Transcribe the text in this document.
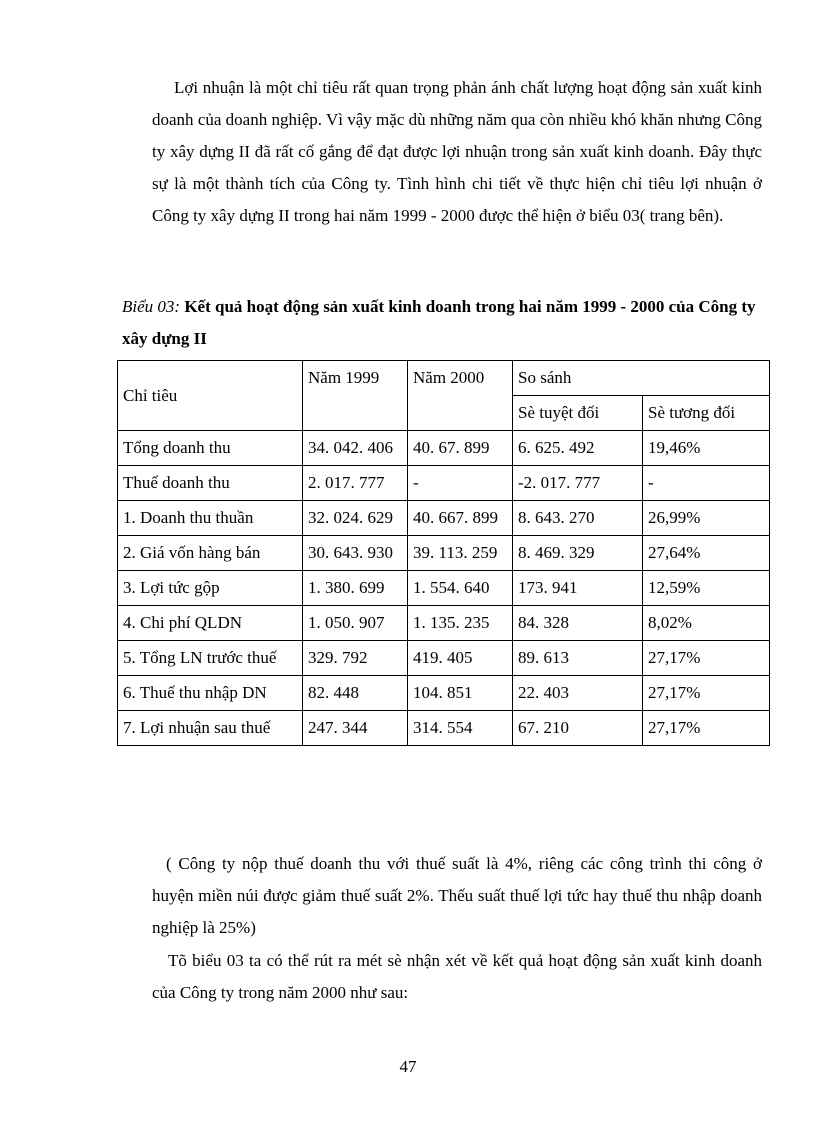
Lợi nhuận là một chỉ tiêu rất quan trọng phản ánh chất lượng hoạt động sản xuất kinh doanh của doanh nghiệp. Vì vậy mặc dù những năm qua còn nhiều khó khăn nhưng Công ty xây dựng II đã rất cố gắng để đạt được lợi nhuận trong sản xuất kinh doanh. Đây thực sự là một thành tích của Công ty. Tình hình chi tiết về thực hiện chỉ tiêu lợi nhuận ở Công ty xây dựng II trong hai năm 1999 - 2000 được thể hiện ở biểu 03( trang bên).

Biểu 03: Kết quả hoạt động sản xuất kinh doanh trong hai năm 1999 - 2000 của Công ty xây dựng II

Chỉ tiêu	Năm 1999	Năm 2000	So sánh	
			Sè tuyệt đối	Sè tương đối
Tổng doanh thu	34. 042. 406	40. 67. 899	6. 625. 492	19,46%
Thuế doanh thu	2. 017. 777	-	-2. 017. 777	-
1. Doanh thu thuần	32. 024. 629	40. 667. 899	8. 643. 270	26,99%
2. Giá vốn hàng bán	30. 643. 930	39. 113. 259	8. 469. 329	27,64%
3. Lợi tức gộp	1. 380. 699	1. 554. 640	173. 941	12,59%
4. Chi phí QLDN	1. 050. 907	1. 135. 235	84. 328	8,02%
5. Tổng LN trước thuế	329. 792	419. 405	89. 613	27,17%
6. Thuế thu nhập DN	82. 448	104. 851	22. 403	27,17%
7. Lợi nhuận sau thuế	247. 344	314. 554	67. 210	27,17%

( Công ty nộp thuế doanh thu với thuế suất là 4%, riêng các công trình thi công ở huyện miền núi được giảm thuế suất 2%. Thếu suất thuế lợi tức hay thuế thu nhập doanh nghiệp là 25%)

Tõ biểu 03 ta có thể rút ra mét sè nhận xét về kết quả hoạt động sản xuất kinh doanh của Công ty trong năm 2000 như sau:

47
